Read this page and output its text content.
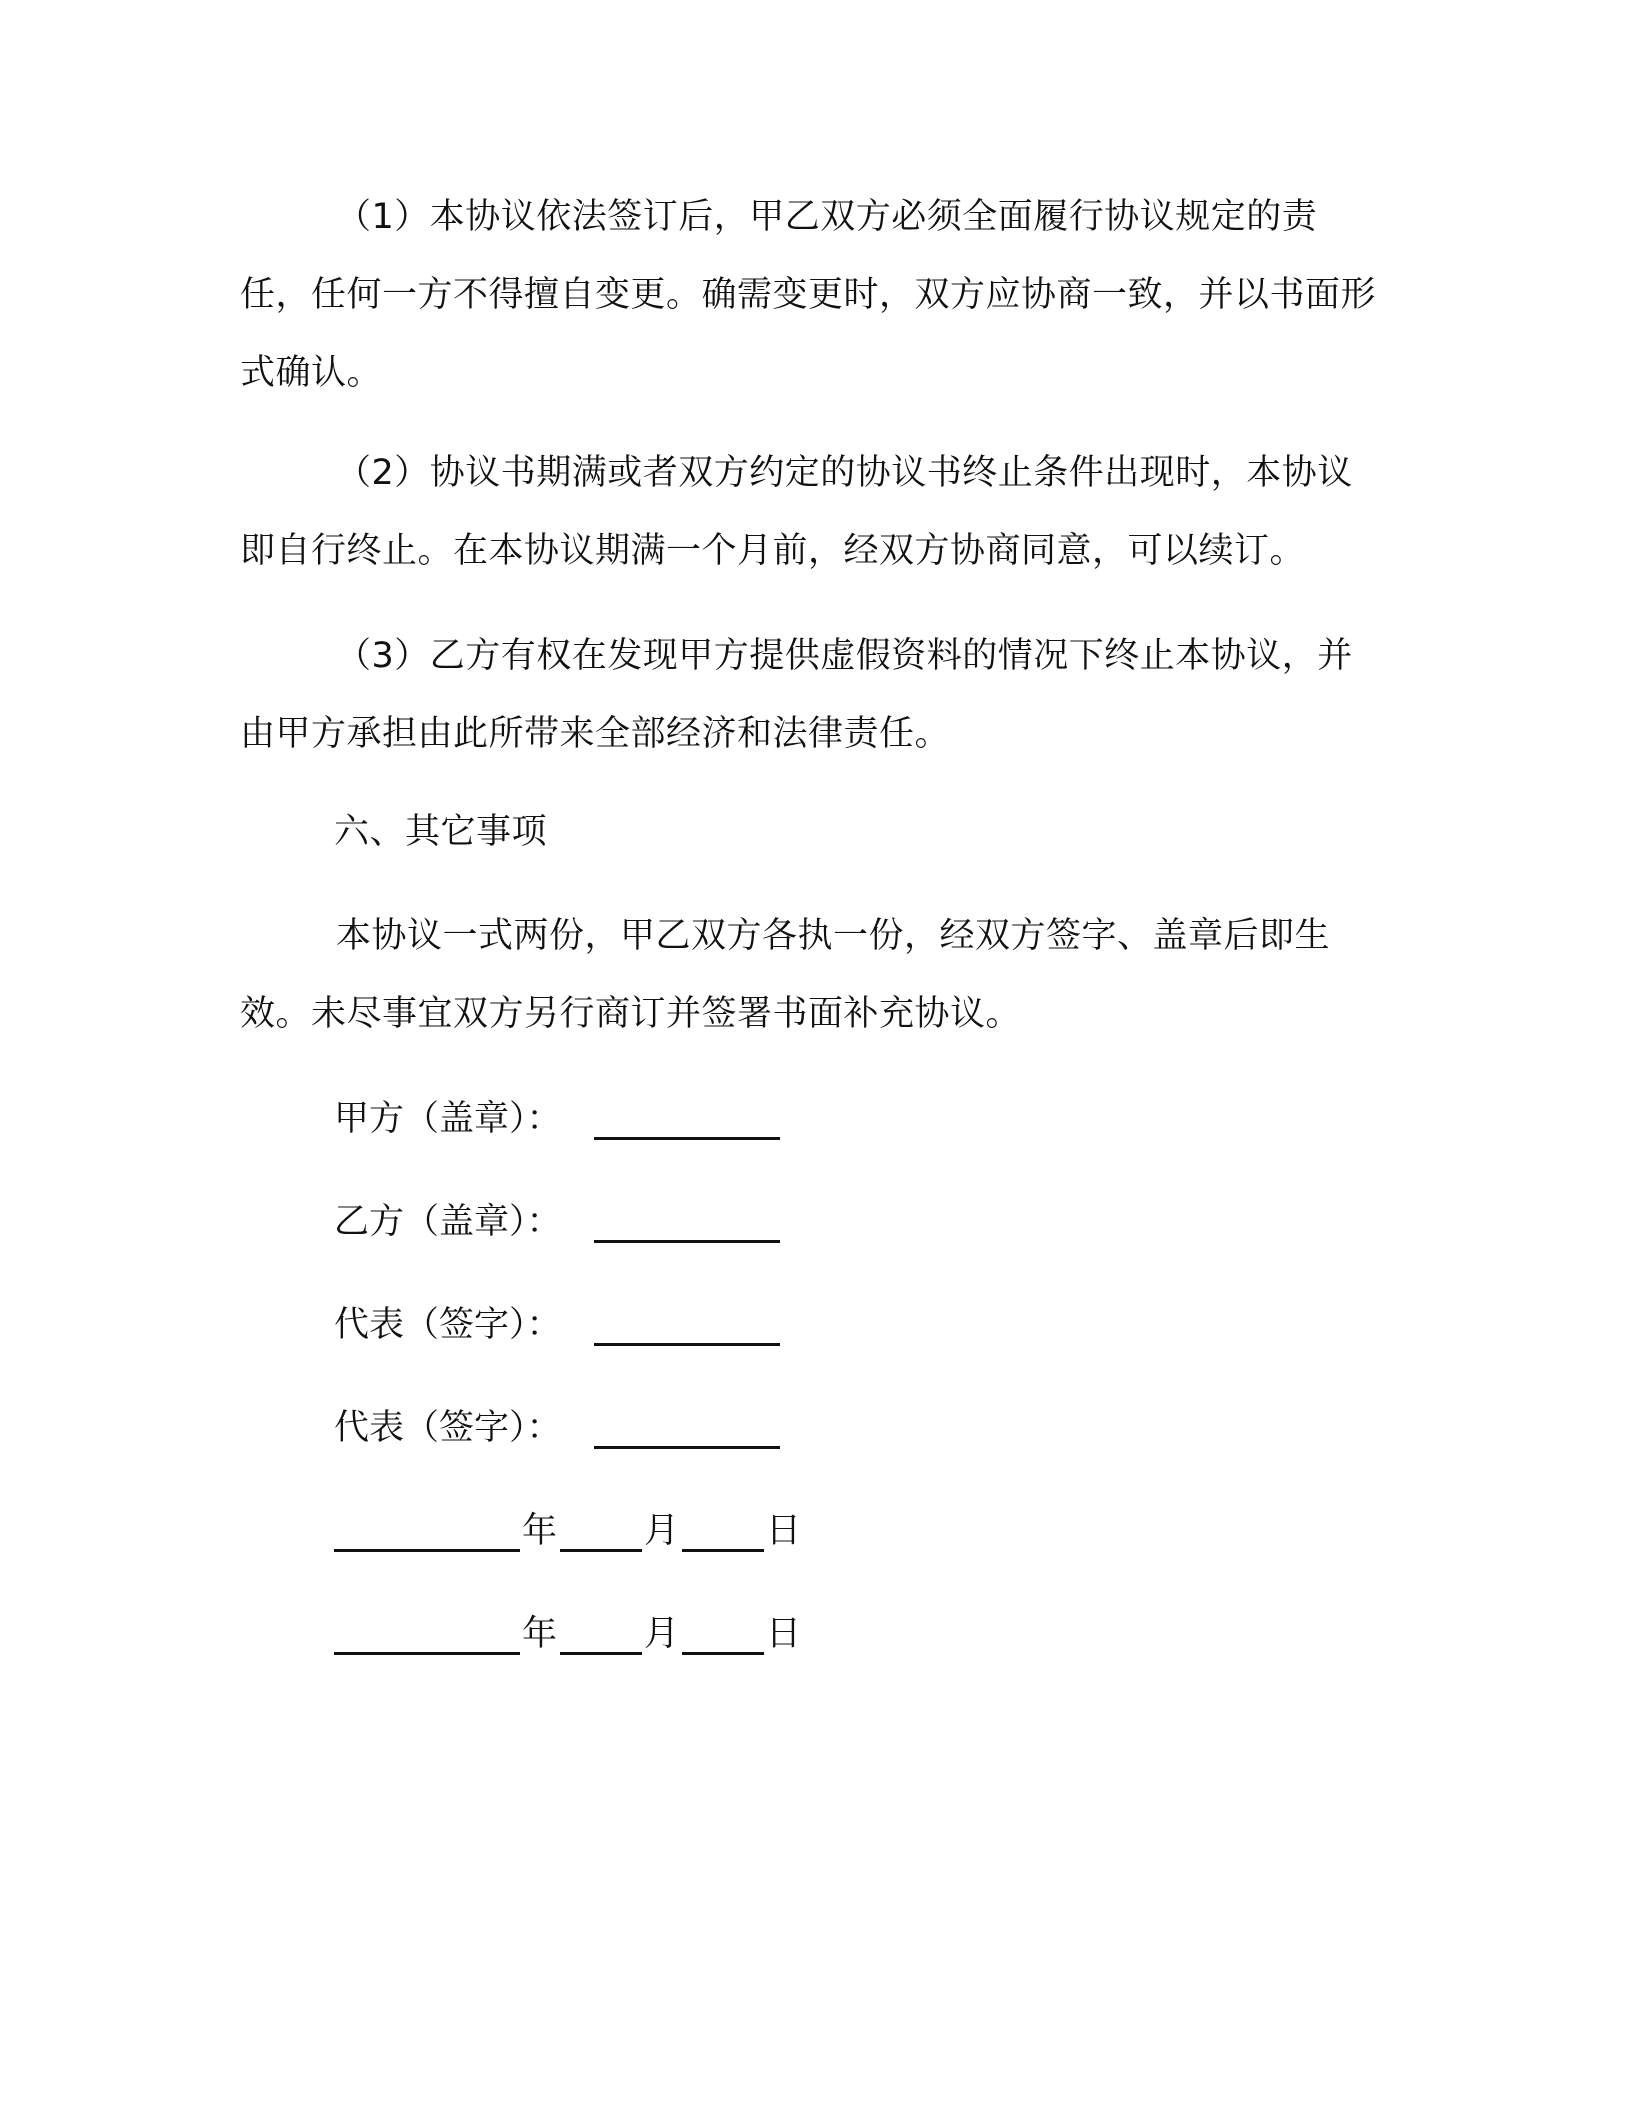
（1）本协议依法签订后，甲乙双方必须全面履行协议规定的责任，任何一方不得擅自变更。确需变更时，双方应协商一致，并以书面形式确认。

（2）协议书期满或者双方约定的协议书终止条件出现时，本协议即自行终止。在本协议期满一个月前，经双方协商同意，可以续订。

（3）乙方有权在发现甲方提供虚假资料的情况下终止本协议，并由甲方承担由此所带来全部经济和法律责任。

六、其它事项

本协议一式两份，甲乙双方各执一份，经双方签字、盖章后即生效。未尽事宜双方另行商订并签署书面补充协议。

甲方（盖章）：
乙方（盖章）：
代表（签字）：
代表（签字）：
年 月 日
年 月 日
